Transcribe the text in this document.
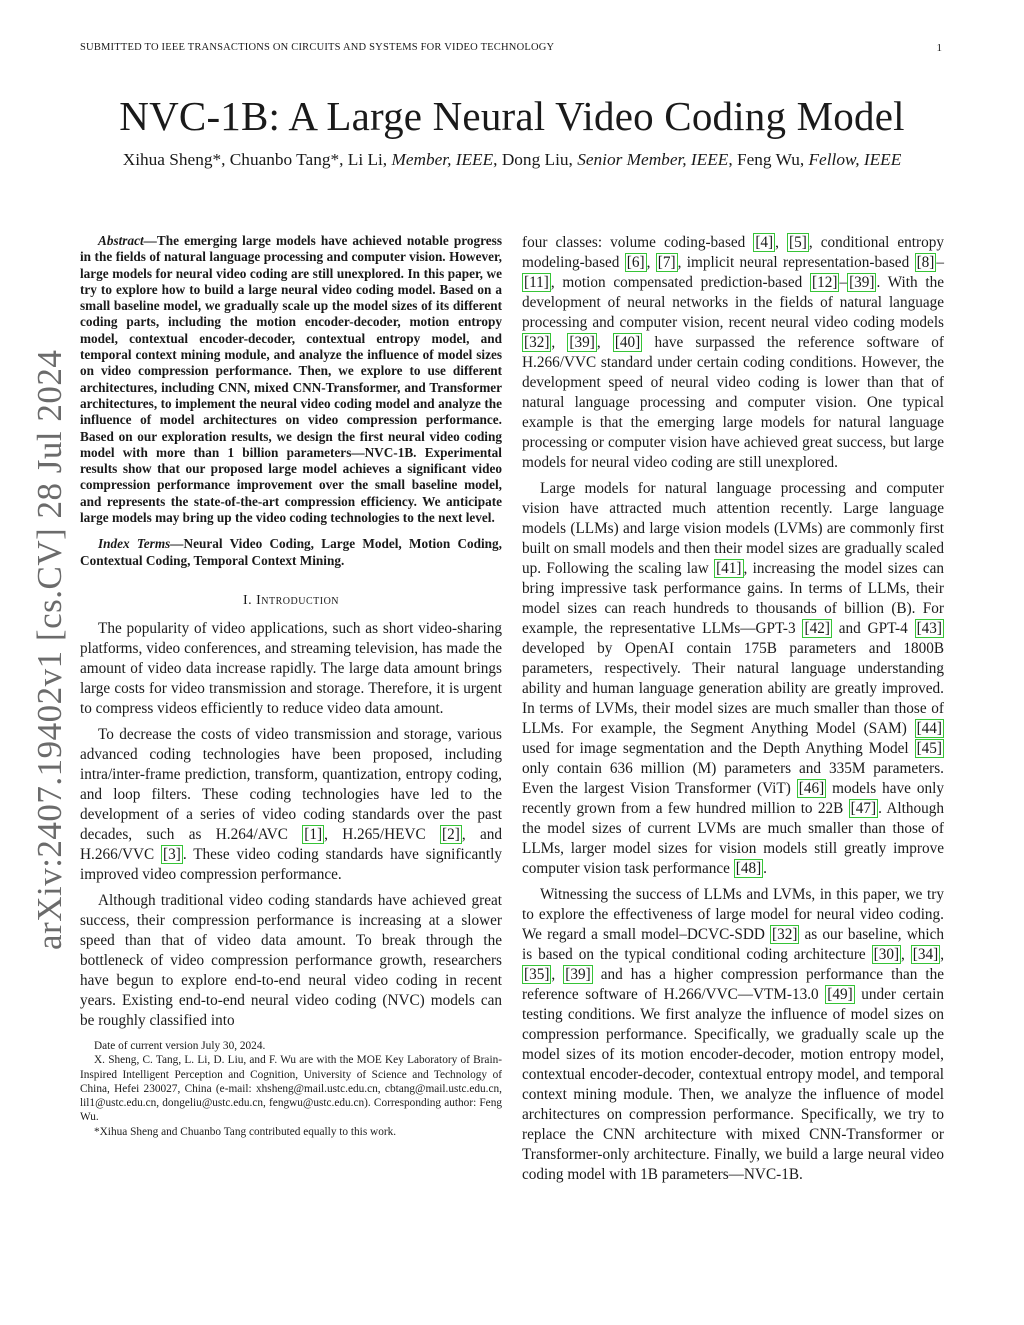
SUBMITTED TO IEEE TRANSACTIONS ON CIRCUITS AND SYSTEMS FOR VIDEO TECHNOLOGY	1
NVC-1B: A Large Neural Video Coding Model
Xihua Sheng*, Chuanbo Tang*, Li Li, Member, IEEE, Dong Liu, Senior Member, IEEE, Feng Wu, Fellow, IEEE
arXiv:2407.19402v1 [cs.CV] 28 Jul 2024

Abstract—The emerging large models have achieved notable progress in the fields of natural language processing and computer vision. However, large models for neural video coding are still unexplored. In this paper, we try to explore how to build a large neural video coding model. Based on a small baseline model, we gradually scale up the model sizes of its different coding parts, including the motion encoder-decoder, motion entropy model, contextual encoder-decoder, contextual entropy model, and temporal context mining module, and analyze the influence of model sizes on video compression performance. Then, we explore to use different architectures, including CNN, mixed CNN-Transformer, and Transformer architectures, to implement the neural video coding model and analyze the influence of model architectures on video compression performance. Based on our exploration results, we design the first neural video coding model with more than 1 billion parameters—NVC-1B. Experimental results show that our proposed large model achieves a significant video compression performance improvement over the small baseline model, and represents the state-of-the-art compression efficiency. We anticipate large models may bring up the video coding technologies to the next level.

Index Terms—Neural Video Coding, Large Model, Motion Coding, Contextual Coding, Temporal Context Mining.

I. Introduction

The popularity of video applications, such as short video-sharing platforms, video conferences, and streaming television, has made the amount of video data increase rapidly. The large data amount brings large costs for video transmission and storage. Therefore, it is urgent to compress videos efficiently to reduce video data amount.

To decrease the costs of video transmission and storage, various advanced coding technologies have been proposed, including intra/inter-frame prediction, transform, quantization, entropy coding, and loop filters. These coding technologies have led to the development of a series of video coding standards over the past decades, such as H.264/AVC [1] , H.265/HEVC [2] , and H.266/VVC [3] . These video coding standards have significantly improved video compression performance.

Although traditional video coding standards have achieved great success, their compression performance is increasing at a slower speed than that of video data amount. To break through the bottleneck of video compression performance growth, researchers have begun to explore end-to-end neural video coding in recent years. Existing end-to-end neural video coding (NVC) models can be roughly classified into

Date of current version July 30, 2024.

X. Sheng, C. Tang, L. Li, D. Liu, and F. Wu are with the MOE Key Laboratory of Brain-Inspired Intelligent Perception and Cognition, University of Science and Technology of China, Hefei 230027, China (e-mail: xhsheng@mail.ustc.edu.cn, cbtang@mail.ustc.edu.cn, lil1@ustc.edu.cn, dongeliu@ustc.edu.cn, fengwu@ustc.edu.cn). Corresponding author: Feng Wu.

*Xihua Sheng and Chuanbo Tang contributed equally to this work.

four classes: volume coding-based [4] , [5] , conditional entropy modeling-based [6] , [7] , implicit neural representation-based [8] –[11] , motion compensated prediction-based [12] – [39] . With the development of neural networks in the fields of natural language processing and computer vision, recent neural video coding models [32] , [39] , [40] have surpassed the reference software of H.266/VVC standard under certain coding conditions. However, the development speed of neural video coding is lower than that of natural language processing and computer vision. One typical example is that the emerging large models for natural language processing or computer vision have achieved great success, but large models for neural video coding are still unexplored.

Large models for natural language processing and computer vision have attracted much attention recently. Large language models (LLMs) and large vision models (LVMs) are commonly first built on small models and then their model sizes are gradually scaled up. Following the scaling law [41] , increasing the model sizes can bring impressive task performance gains. In terms of LLMs, their model sizes can reach hundreds to thousands of billion (B). For example, the representative LLMs—GPT-3 [42] and GPT-4 [43] developed by OpenAI contain 175B parameters and 1800B parameters, respectively. Their natural language understanding ability and human language generation ability are greatly improved. In terms of LVMs, their model sizes are much smaller than those of LLMs. For example, the Segment Anything Model (SAM) [44] used for image segmentation and the Depth Anything Model [45] only contain 636 million (M) parameters and 335M parameters. Even the largest Vision Transformer (ViT) [46] models have only recently grown from a few hundred million to 22B [47] . Although the model sizes of current LVMs are much smaller than those of LLMs, larger model sizes for vision models still greatly improve computer vision task performance [48] .

Witnessing the success of LLMs and LVMs, in this paper, we try to explore the effectiveness of large model for neural video coding. We regard a small model–DCVC-SDD [32] as our baseline, which is based on the typical conditional coding architecture [30] , [34] , [35] , [39] and has a higher compression performance than the reference software of H.266/VVC—VTM-13.0 [49] under certain testing conditions. We first analyze the influence of model sizes on compression performance. Specifically, we gradually scale up the model sizes of its motion encoder-decoder, motion entropy model, contextual encoder-decoder, contextual entropy model, and temporal context mining module. Then, we analyze the influence of model architectures on compression performance. Specifically, we try to replace the CNN architecture with mixed CNN-Transformer or Transformer-only architecture. Finally, we build a large neural video coding model with 1B parameters—NVC-1B.
